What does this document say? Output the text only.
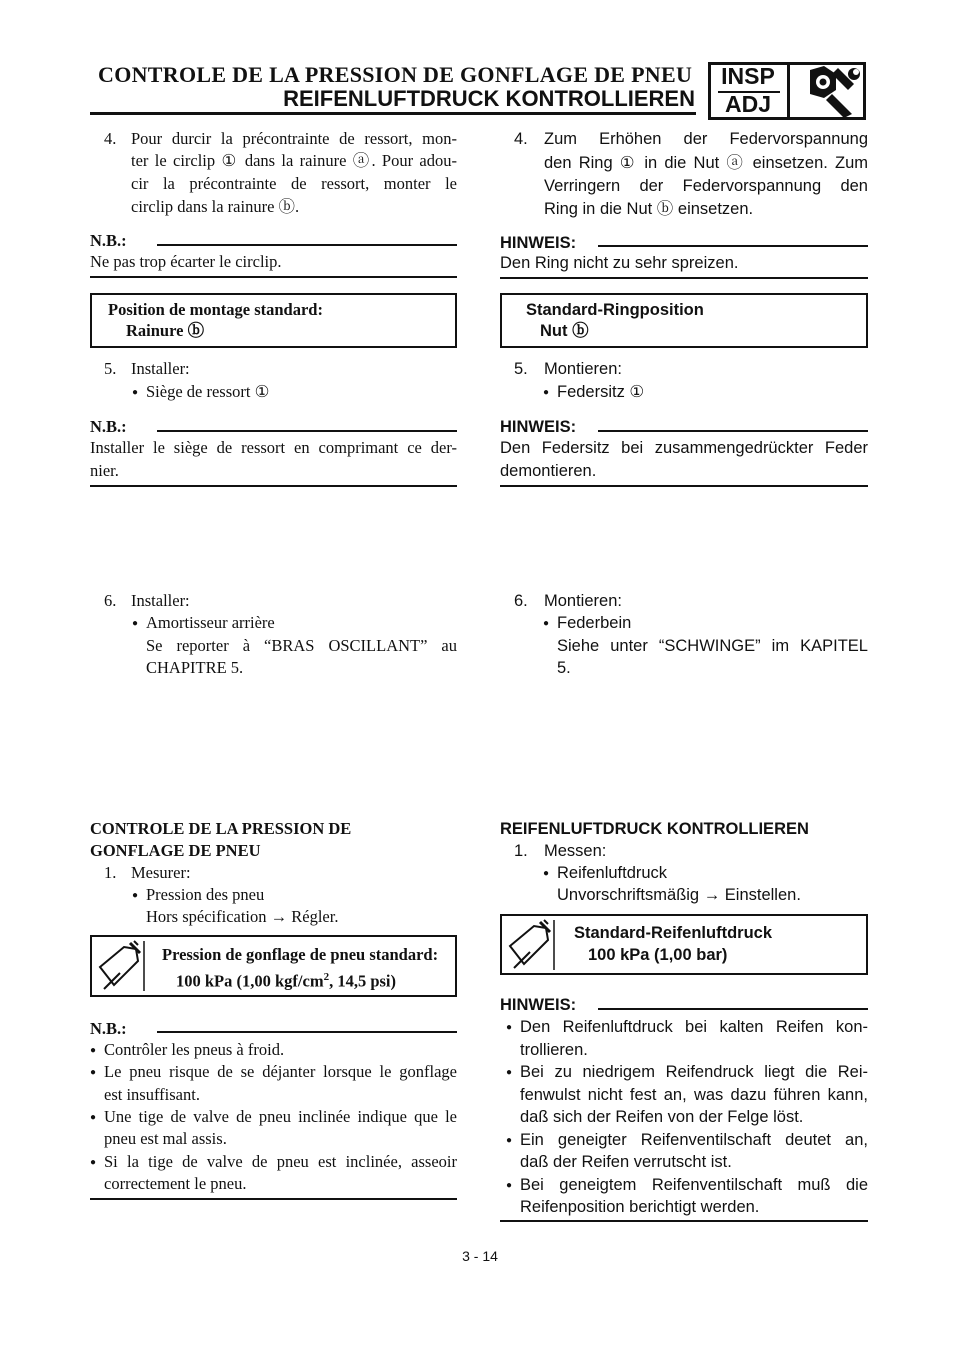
CONTROLE DE LA PRESSION DE GONFLAGE DE PNEU
REIFENLUFTDRUCK KONTROLLIEREN
INSP
ADJ
4. Pour durcir la précontrainte de ressort, mon-
ter le circlip ① dans la rainure ⓐ. Pour adou-
cir la précontrainte de ressort, monter le
circlip dans la rainure ⓑ.
N.B.:
Ne pas trop écarter le circlip.
Position de montage standard:
Rainure ⓑ
5. Installer:
● Siège de ressort ①
N.B.:
Installer le siège de ressort en comprimant ce der-
nier.
6. Installer:
● Amortisseur arrière
Se reporter à “BRAS OSCILLANT” au
CHAPITRE 5.
CONTROLE DE LA PRESSION DE
GONFLAGE DE PNEU
1. Mesurer:
● Pression des pneu
Hors spécification → Régler.
Pression de gonflage de pneu standard:
100 kPa (1,00 kgf/$cm^2$, 14,5 psi)
N.B.:
● Contrôler les pneus à froid.
● Le pneu risque de se déjanter lorsque le gonflage
est insuffisant.
● Une tige de valve de pneu inclinée indique que le
pneu est mal assis.
● Si la tige de valve de pneu est inclinée, asseoir
correctement le pneu.
4. Zum Erhöhen der Federvorspannung
den Ring ① in die Nut ⓐ einsetzen. Zum
Verringern der Federvorspannung den
Ring in die Nut ⓑ einsetzen.
HINWEIS:
Den Ring nicht zu sehr spreizen.
Standard-Ringposition
Nut ⓑ
5. Montieren:
● Federsitz ①
HINWEIS:
Den Federsitz bei zusammengedrückter Feder
demontieren.
6. Montieren:
● Federbein
Siehe unter “SCHWINGE” im KAPITEL
5.
REIFENLUFTDRUCK KONTROLLIEREN
1. Messen:
● Reifenluftdruck
Unvorschriftsmäßig → Einstellen.
Standard-Reifenluftdruck
100 kPa (1,00 bar)
HINWEIS:
● Den Reifenluftdruck bei kalten Reifen kon-
trollieren.
● Bei zu niedrigem Reifendruck liegt die Rei-
fenwulst nicht fest an, was dazu führen kann,
daß sich der Reifen von der Felge löst.
● Ein geneigter Reifenventilschaft deutet an,
daß der Reifen verrutscht ist.
● Bei geneigtem Reifenventilschaft muß die
Reifenposition berichtigt werden.
3 - 14
